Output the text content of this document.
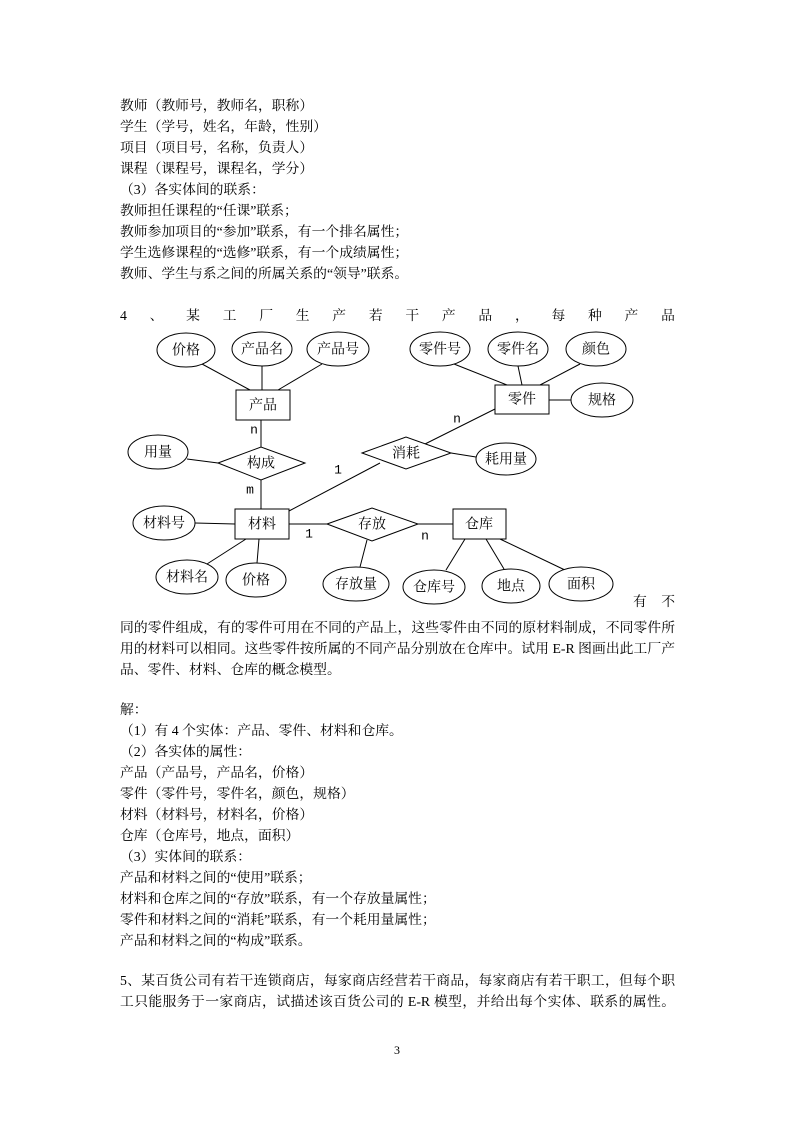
教师（教师号，教师名，职称）
学生（学号，姓名，年龄，性别）
项目（项目号，名称，负责人）
课程（课程号，课程名，学分）
（3）各实体间的联系：
教师担任课程的“任课”联系；
教师参加项目的“参加”联系，有一个排名属性；
学生选修课程的“选修”联系，有一个成绩属性；
教师、学生与系之间的所属关系的“领导”联系。
4 、 某 工 厂 生 产 若 干 产 品 ， 每 种 产 品
价格	产品名 产品号	零件号	零件名	颜色
规格
用量	耗用量
材料号
材料名 价格	存放量	仓库号	地点	面积
产品	零件
材料	仓库
构成
消耗
存放
n
m
n
1
1	n
有 不
同的零件组成，有的零件可用在不同的产品上，这些零件由不同的原材料制成，不同零件所
用的材料可以相同。这些零件按所属的不同产品分别放在仓库中。试用 E-R 图画出此工厂产
品、零件、材料、仓库的概念模型。
解：
（1）有 4 个实体：产品、零件、材料和仓库。
（2）各实体的属性：
产品（产品号，产品名，价格）
零件（零件号，零件名，颜色，规格）
材料（材料号，材料名，价格）
仓库（仓库号，地点，面积）
（3）实体间的联系：
产品和材料之间的“使用”联系；
材料和仓库之间的“存放”联系，有一个存放量属性；
零件和材料之间的“消耗”联系，有一个耗用量属性；
产品和材料之间的“构成”联系。
5、某百货公司有若干连锁商店，每家商店经营若干商品，每家商店有若干职工，但每个职
工只能服务于一家商店，试描述该百货公司的 E-R 模型，并给出每个实体、联系的属性。
3
